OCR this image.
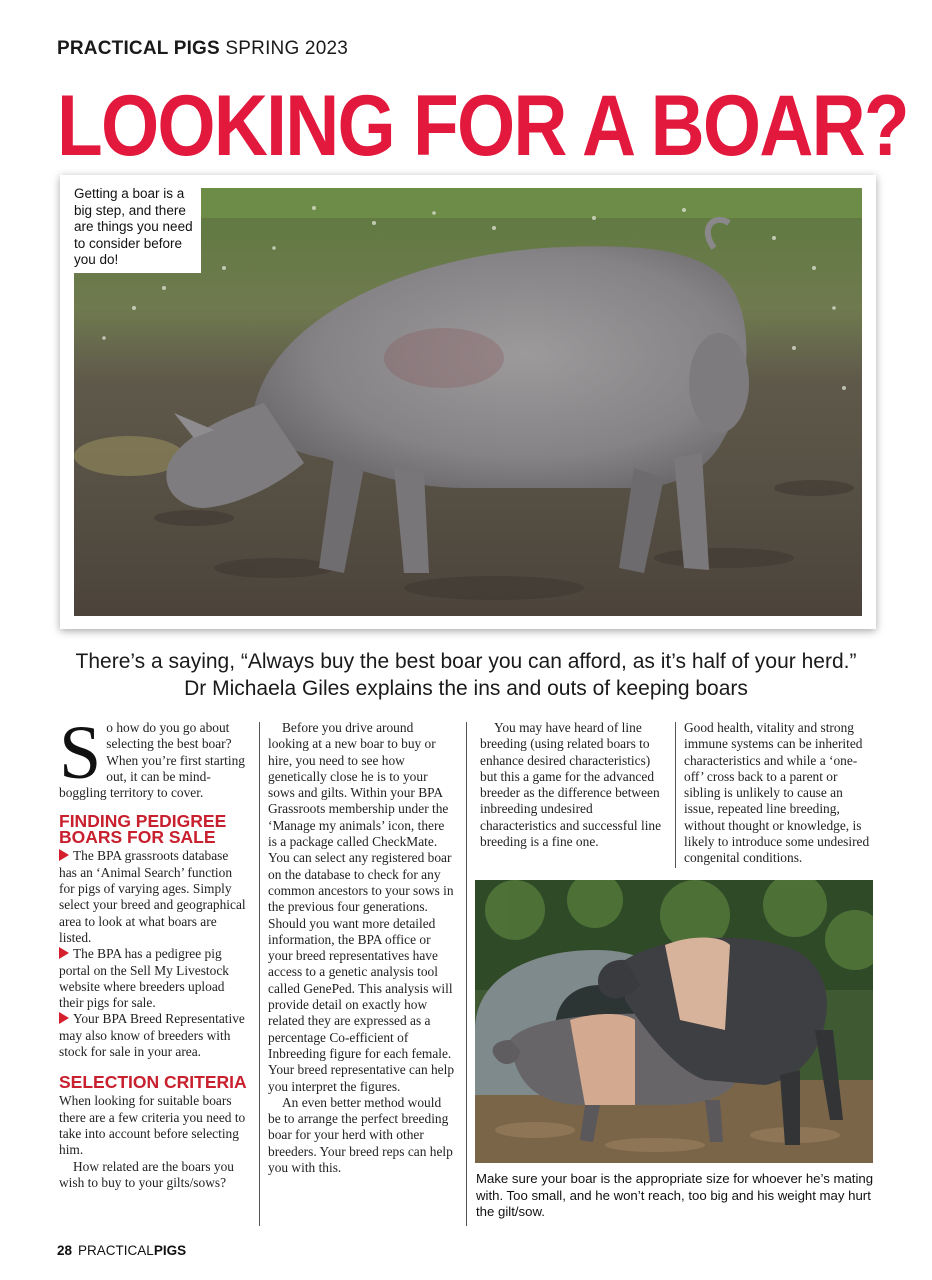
PRACTICAL PIGS SPRING 2023
LOOKING FOR A BOAR?
Getting a boar is a big step, and there are things you need to consider before you do!
There’s a saying, “Always buy the best boar you can afford, as it’s half of your herd.”
Dr Michaela Giles explains the ins and outs of keeping boars

So how do you go about selecting the best boar? When you’re first starting out, it can be mind-boggling territory to cover.

FINDING PEDIGREE BOARS FOR SALE

The BPA grassroots database has an ‘Animal Search’ function for pigs of varying ages. Simply select your breed and geographical area to look at what boars are listed.

The BPA has a pedigree pig portal on the Sell My Livestock website where breeders upload their pigs for sale.

Your BPA Breed Representative may also know of breeders with stock for sale in your area.

SELECTION CRITERIA

When looking for suitable boars there are a few criteria you need to take into account before selecting him.

How related are the boars you wish to buy to your gilts/sows?

Before you drive around looking at a new boar to buy or hire, you need to see how genetically close he is to your sows and gilts. Within your BPA Grassroots membership under the ‘Manage my animals’ icon, there is a package called CheckMate. You can select any registered boar on the database to check for any common ancestors to your sows in the previous four generations. Should you want more detailed information, the BPA office or your breed representatives have access to a genetic analysis tool called GenePed. This analysis will provide detail on exactly how related they are expressed as a percentage Co-efficient of Inbreeding figure for each female. Your breed representative can help you interpret the figures.

An even better method would be to arrange the perfect breeding boar for your herd with other breeders. Your breed reps can help you with this.

You may have heard of line breeding (using related boars to enhance desired characteristics) but this a game for the advanced breeder as the difference between inbreeding undesired characteristics and successful line breeding is a fine one.

Good health, vitality and strong immune systems can be inherited characteristics and while a ‘one-off’ cross back to a parent or sibling is unlikely to cause an issue, repeated line breeding, without thought or knowledge, is likely to introduce some undesired congenital conditions.

Make sure your boar is the appropriate size for whoever he’s mating with. Too small, and he won’t reach, too big and his weight may hurt the gilt/sow.
28 PRACTICALPIGS
